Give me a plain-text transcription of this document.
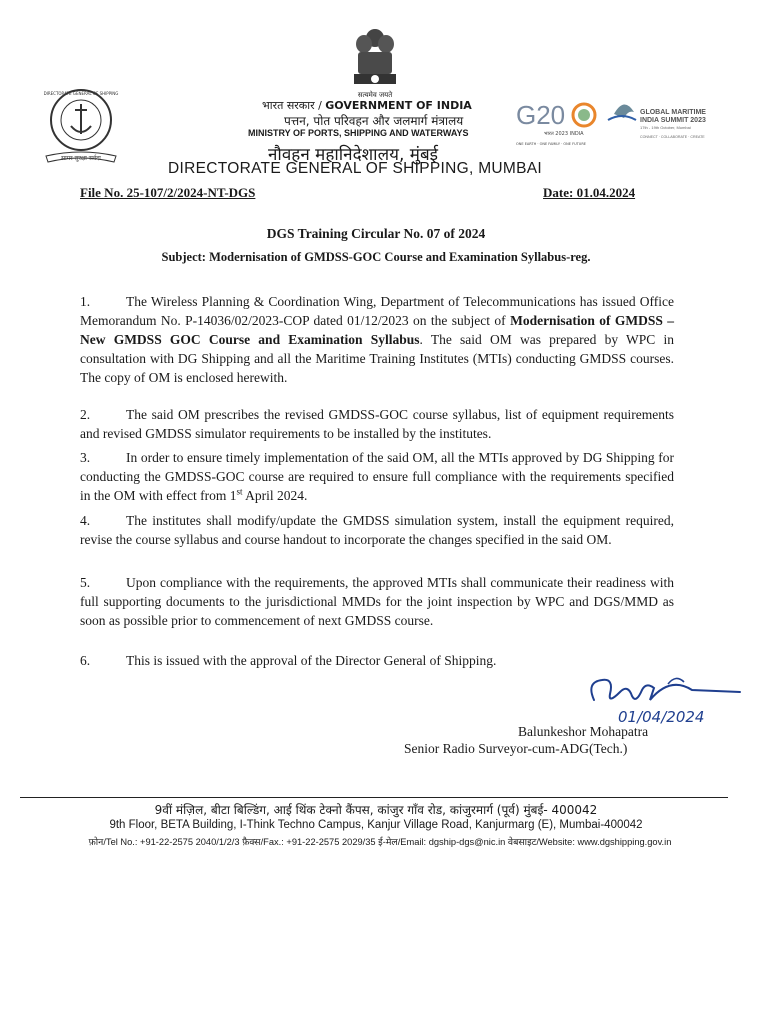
DIRECTORATE GENERAL OF SHIPPING
सागर सुरक्षा सर्वदा
सत्यमेव जयते
भारत सरकार / GOVERNMENT OF INDIA
पत्तन, पोत परिवहन और जलमार्ग मंत्रालय
MINISTRY OF PORTS, SHIPPING AND WATERWAYS
नौवहन महानिदेशालय, मुंबई
DIRECTORATE GENERAL OF SHIPPING, MUMBAI
G20
भारत 2023 INDIA
ONE EARTH · ONE FAMILY · ONE FUTURE
GLOBAL MARITIME
INDIA SUMMIT 2023
17th - 19th October, Mumbai
CONNECT · COLLABORATE · CREATE
File No. 25-107/2/2024-NT-DGS	Date: 01.04.2024
DGS Training Circular No. 07 of 2024
Subject: Modernisation of GMDSS-GOC Course and Examination Syllabus-reg.
1.	The Wireless Planning & Coordination Wing, Department of Telecommunications has issued Office Memorandum No. P-14036/02/2023-COP dated 01/12/2023 on the subject of Modernisation of GMDSS – New GMDSS GOC Course and Examination Syllabus. The said OM was prepared by WPC in consultation with DG Shipping and all the Maritime Training Institutes (MTIs) conducting GMDSS courses. The copy of OM is enclosed herewith.
2.	The said OM prescribes the revised GMDSS-GOC course syllabus, list of equipment requirements and revised GMDSS simulator requirements to be installed by the institutes.
3.	In order to ensure timely implementation of the said OM, all the MTIs approved by DG Shipping for conducting the GMDSS-GOC course are required to ensure full compliance with the requirements specified in the OM with effect from 1st April 2024.
4.	The institutes shall modify/update the GMDSS simulation system, install the equipment required, revise the course syllabus and course handout to incorporate the changes specified in the said OM.
5.	Upon compliance with the requirements, the approved MTIs shall communicate their readiness with full supporting documents to the jurisdictional MMDs for the joint inspection by WPC and DGS/MMD as soon as possible prior to commencement of next GMDSS course.
6.	This is issued with the approval of the Director General of Shipping.
01/04/2024
Balunkeshor Mohapatra
Senior Radio Surveyor-cum-ADG(Tech.)
9वीं मंज़िल, बीटा बिल्डिंग, आई थिंक टेक्नो कैंपस, कांजुर गाँव रोड, कांजुरमार्ग (पूर्व) मुंबई- 400042
9th Floor, BETA Building, I-Think Techno Campus, Kanjur Village Road, Kanjurmarg (E), Mumbai-400042
फ़ोन/Tel No.: +91-22-2575 2040/1/2/3 फ़ैक्स/Fax.: +91-22-2575 2029/35 ई-मेल/Email: dgship-dgs@nic.in वेबसाइट/Website: www.dgshipping.gov.in
